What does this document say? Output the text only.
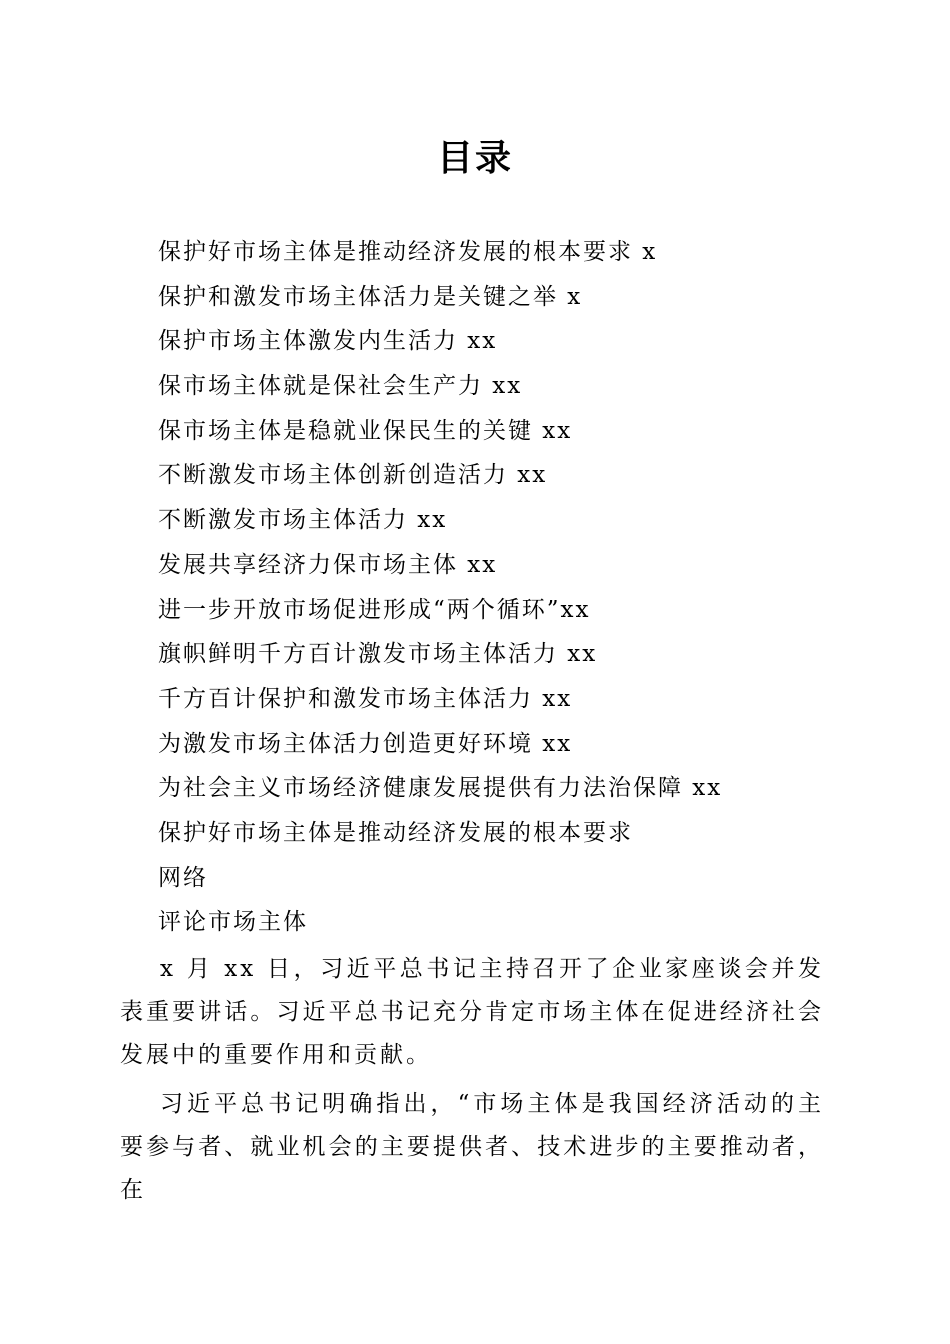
目录
保护好市场主体是推动经济发展的根本要求 x
保护和激发市场主体活力是关键之举 x
保护市场主体激发内生活力 xx
保市场主体就是保社会生产力 xx
保市场主体是稳就业保民生的关键 xx
不断激发市场主体创新创造活力 xx
不断激发市场主体活力 xx
发展共享经济力保市场主体 xx
进一步开放市场促进形成“两个循环”xx
旗帜鲜明千方百计激发市场主体活力 xx
千方百计保护和激发市场主体活力 xx
为激发市场主体活力创造更好环境 xx
为社会主义市场经济健康发展提供有力法治保障 xx
保护好市场主体是推动经济发展的根本要求
网络
评论市场主体

x 月 xx 日，习近平总书记主持召开了企业家座谈会并发表重要讲话。习近平总书记充分肯定市场主体在促进经济社会发展中的重要作用和贡献。

习近平总书记明确指出，“市场主体是我国经济活动的主要参与者、就业机会的主要提供者、技术进步的主要推动者，在
